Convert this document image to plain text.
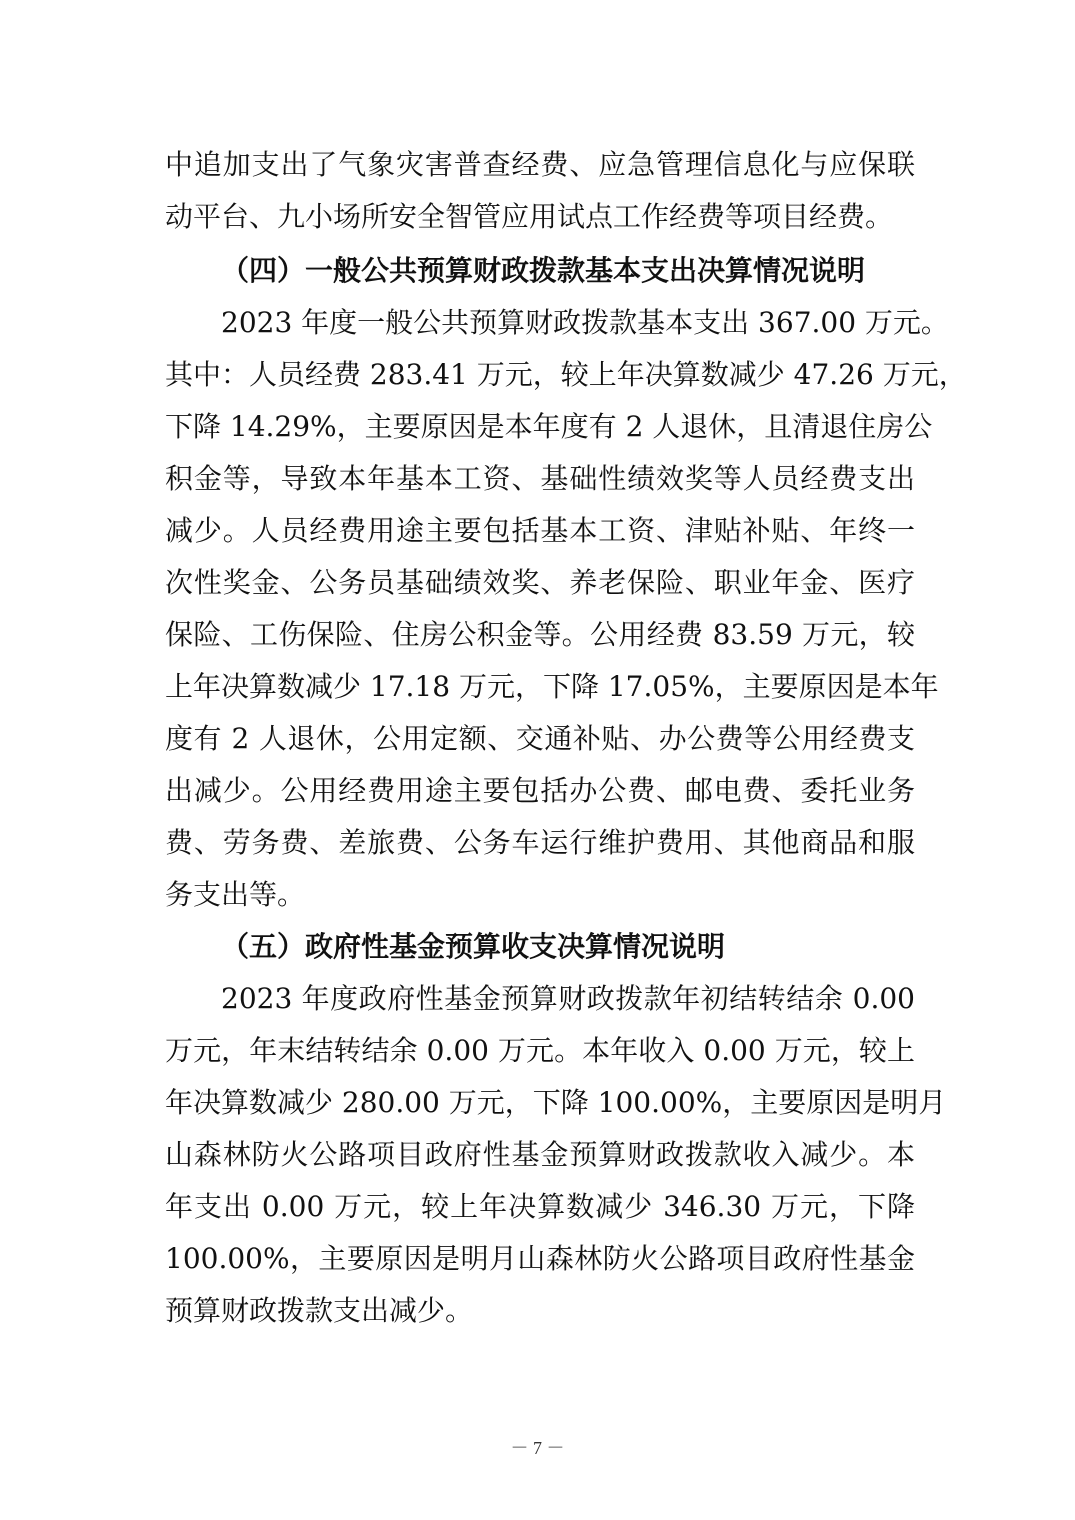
中追加支出了气象灾害普查经费、应急管理信息化与应保联
动平台、九小场所安全智管应用试点工作经费等项目经费。
（四）一般公共预算财政拨款基本支出决算情况说明
2023 年度一般公共预算财政拨款基本支出 367.00 万元。
其中：人员经费 283.41 万元，较上年决算数减少 47.26 万元，
下降 14.29%，主要原因是本年度有 2 人退休，且清退住房公
积金等，导致本年基本工资、基础性绩效奖等人员经费支出
减少。人员经费用途主要包括基本工资、津贴补贴、年终一
次性奖金、公务员基础绩效奖、养老保险、职业年金、医疗
保险、工伤保险、住房公积金等。公用经费 83.59 万元，较
上年决算数减少 17.18 万元，下降 17.05%，主要原因是本年
度有 2 人退休，公用定额、交通补贴、办公费等公用经费支
出减少。公用经费用途主要包括办公费、邮电费、委托业务
费、劳务费、差旅费、公务车运行维护费用、其他商品和服
务支出等。
（五）政府性基金预算收支决算情况说明
2023 年度政府性基金预算财政拨款年初结转结余 0.00
万元，年末结转结余 0.00 万元。本年收入 0.00 万元，较上
年决算数减少 280.00 万元，下降 100.00%，主要原因是明月
山森林防火公路项目政府性基金预算财政拨款收入减少。本
年支出 0.00 万元，较上年决算数减少 346.30 万元，下降
100.00%，主要原因是明月山森林防火公路项目政府性基金
预算财政拨款支出减少。
－ 7 －
